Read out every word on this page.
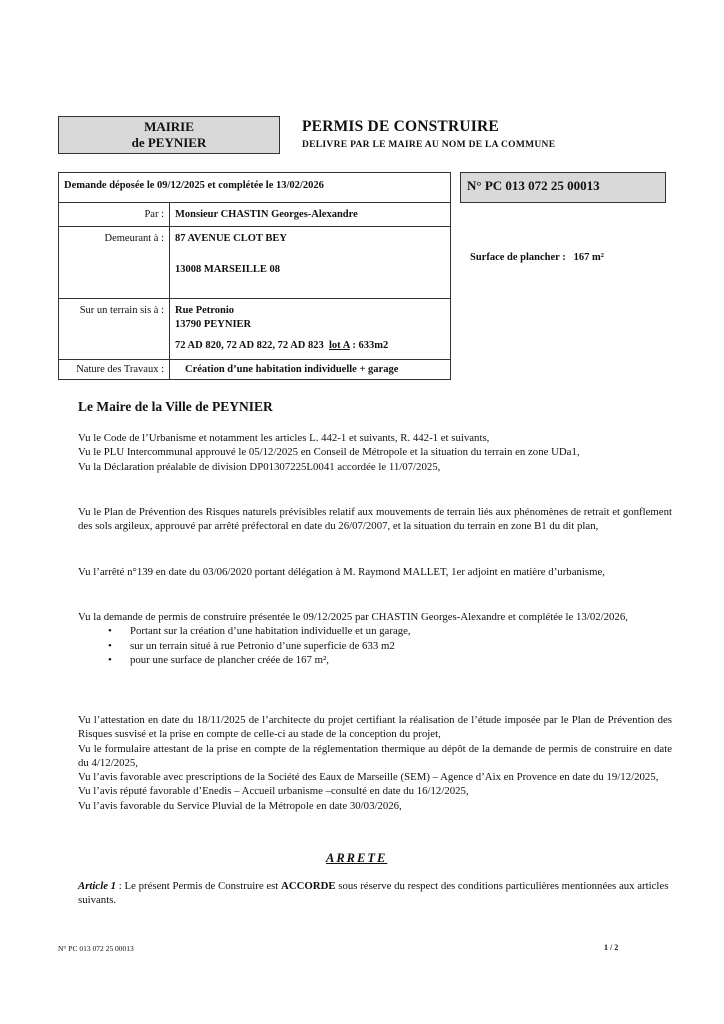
MAIRIE
de PEYNIER
PERMIS DE CONSTRUIRE
DELIVRE PAR LE MAIRE AU NOM DE LA COMMUNE
Demande déposée le 09/12/2025 et complétée le 13/02/2026
Par : Monsieur CHASTIN Georges-Alexandre
Demeurant à : 87 AVENUE CLOT BEY
13008 MARSEILLE 08
Sur un terrain sis à : Rue Petronio
13790 PEYNIER
72 AD 820, 72 AD 822, 72 AD 823 lot A : 633m2
Nature des Travaux : Création d’une habitation individuelle + garage
N° PC 013 072 25 00013
Surface de plancher : 167 m²
Le Maire de la Ville de PEYNIER

Vu le Code de l’Urbanisme et notamment les articles L. 442-1 et suivants, R. 442-1 et suivants,

Vu le PLU Intercommunal approuvé le 05/12/2025 en Conseil de Métropole et la situation du terrain en zone UDa1,

Vu la Déclaration préalable de division DP01307225L0041 accordée le 11/07/2025,

Vu le Plan de Prévention des Risques naturels prévisibles relatif aux mouvements de terrain liés aux phénomènes de retrait et gonflement des sols argileux, approuvé par arrêté préfectoral en date du 26/07/2007, et la situation du terrain en zone B1 du dit plan,

Vu l’arrêté n°139 en date du 03/06/2020 portant délégation à M. Raymond MALLET, 1er adjoint en matière d’urbanisme,

Vu la demande de permis de construire présentée le 09/12/2025 par CHASTIN Georges-Alexandre et complétée le 13/02/2026,

• Portant sur la création d’une habitation individuelle et un garage,
• sur un terrain situé à rue Petronio d’une superficie de 633 m2
• pour une surface de plancher créée de 167 m²,

Vu l’attestation en date du 18/11/2025 de l’architecte du projet certifiant la réalisation de l’étude imposée par le Plan de Prévention des Risques susvisé et la prise en compte de celle-ci au stade de la conception du projet,

Vu le formulaire attestant de la prise en compte de la réglementation thermique au dépôt de la demande de permis de construire en date du 4/12/2025,

Vu l’avis favorable avec prescriptions de la Société des Eaux de Marseille (SEM) – Agence d’Aix en Provence en date du 19/12/2025,

Vu l’avis réputé favorable d’Enedis – Accueil urbanisme –consulté en date du 16/12/2025,

Vu l’avis favorable du Service Pluvial de la Métropole en date 30/03/2026,

ARRETE
Article 1 : Le présent Permis de Construire est ACCORDE sous réserve du respect des conditions particulières mentionnées aux articles suivants.
N° PC 013 072 25 00013	1 / 2
